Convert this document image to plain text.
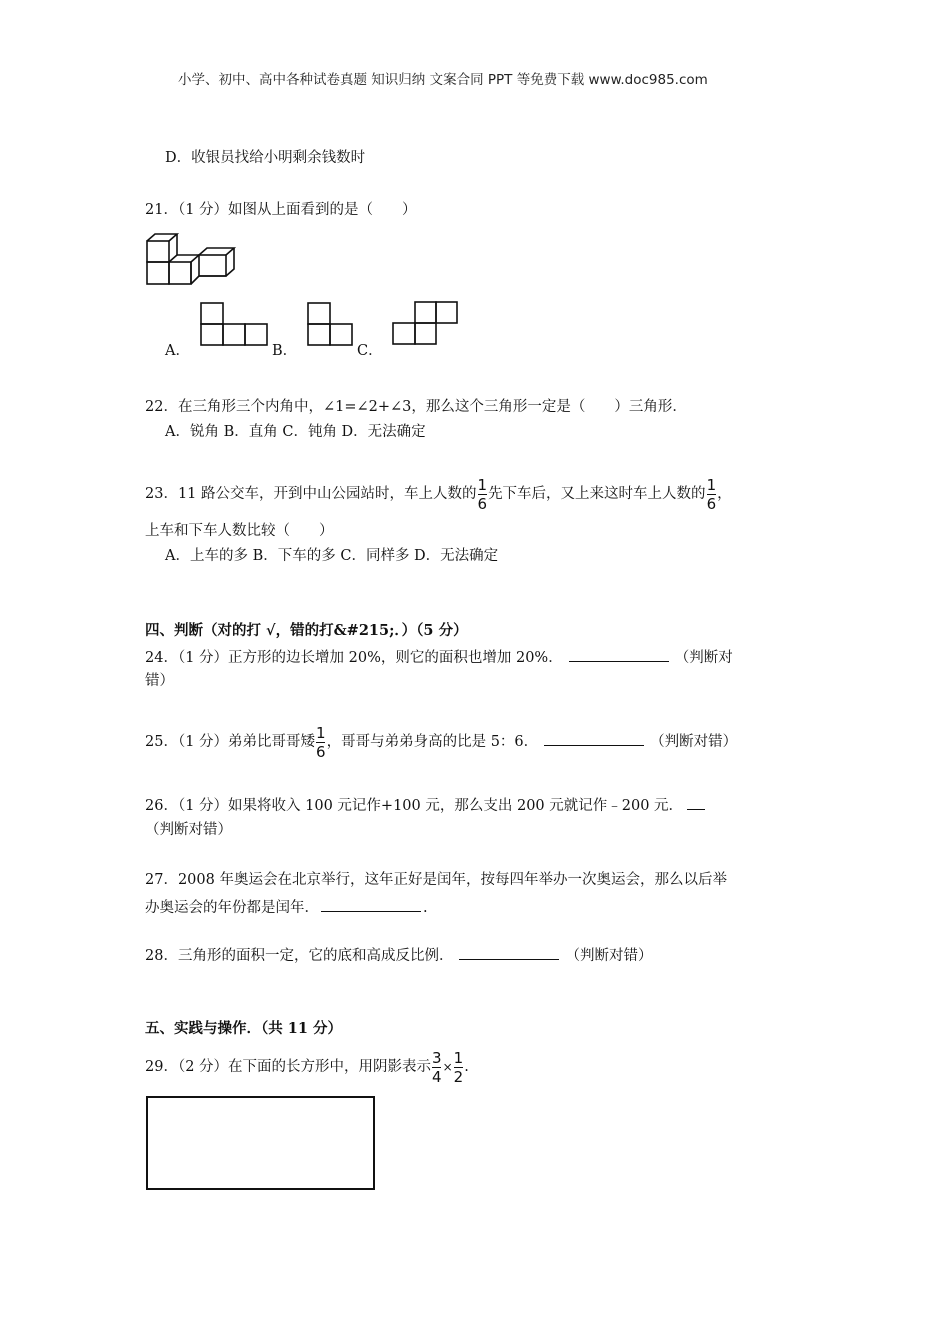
小学、初中、高中各种试卷真题 知识归纳 文案合同 PPT 等免费下载 www.doc985.com
D．收银员找给小明剩余钱数时
21．（1 分）如图从上面看到的是（　　）
A．	B．	C．
22．在三角形三个内角中，∠1=∠2+∠3，那么这个三角形一定是（　　）三角形．
A．锐角 B．直角 C．钝角 D．无法确定
23．11 路公交车，开到中山公园站时，车上人数的 $\frac{1}{6}$ 先下车后，又上来这时车上人数的 $\frac{1}{6}$ ，
上车和下车人数比较（　　）
A．上车的多 B．下车的多 C．同样多 D．无法确定
四、判断（对的打 √，错的打&#215;．）（5 分）
24．（1 分）正方形的边长增加 20%，则它的面积也增加 20%．	（判断对
错）
25．（1 分）弟弟比哥哥矮 $\frac{1}{6}$ ，哥哥与弟弟身高的比是 5：6．	（判断对错）
26．（1 分）如果将收入 100 元记作+100 元，那么支出 200 元就记作﹣200 元．
（判断对错）
27．2008 年奥运会在北京举行，这年正好是闰年，按每四年举办一次奥运会，那么以后举
办奥运会的年份都是闰年．	.
28．三角形的面积一定，它的底和高成反比例．	（判断对错）
五、实践与操作．（共 11 分）
29．（2 分）在下面的长方形中，用阴影表示 $\frac{3}{4} \times \frac{1}{2}$ .
